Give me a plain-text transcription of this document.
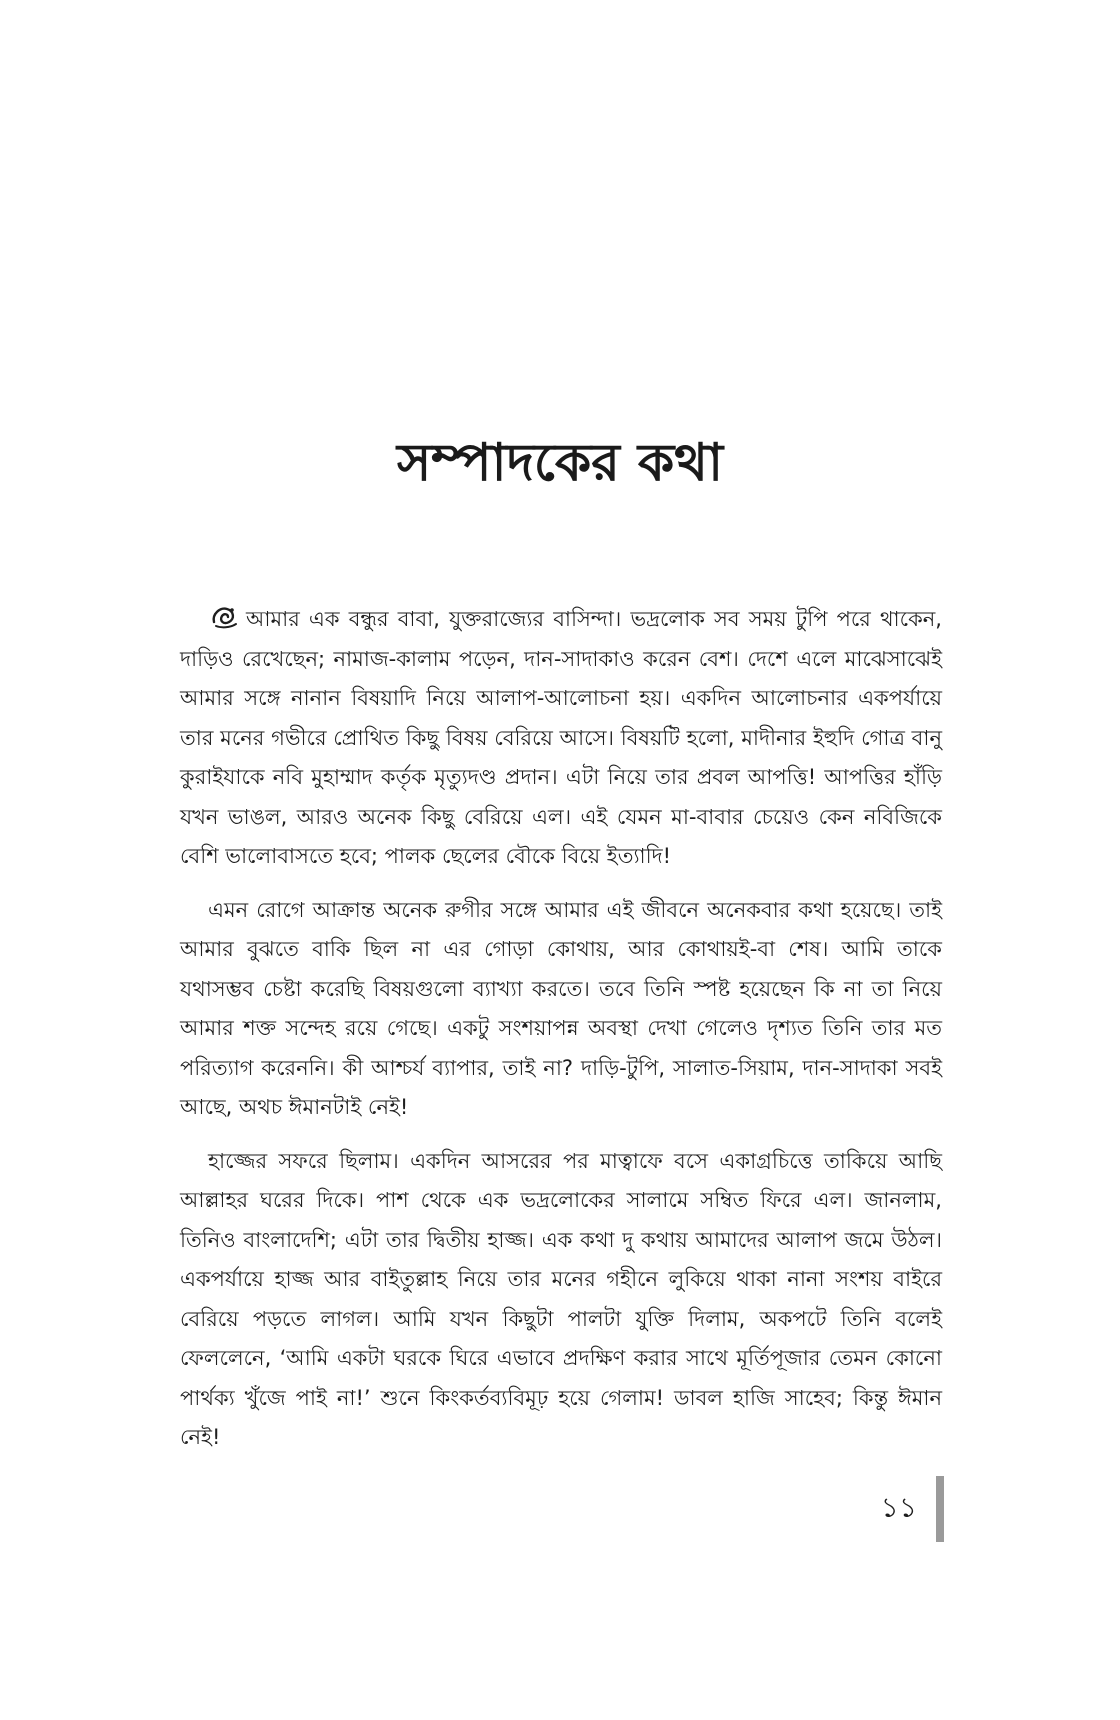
সম্পাদকের কথা

আমার এক বন্ধুর বাবা, যুক্তরাজ্যের বাসিন্দা। ভদ্রলোক সব সময় টুপি পরে থাকেন, দাড়িও রেখেছেন; নামাজ-কালাম পড়েন, দান-সাদাকাও করেন বেশ। দেশে এলে মাঝেসাঝেই আমার সঙ্গে নানান বিষয়াদি নিয়ে আলাপ-আলোচনা হয়। একদিন আলোচনার একপর্যায়ে তার মনের গভীরে প্রোথিত কিছু বিষয় বেরিয়ে আসে। বিষয়টি হলো, মাদীনার ইহুদি গোত্র বানু কুরাইযাকে নবি মুহাম্মাদ কর্তৃক মৃত্যুদণ্ড প্রদান। এটা নিয়ে তার প্রবল আপত্তি! আপত্তির হাঁড়ি যখন ভাঙল, আরও অনেক কিছু বেরিয়ে এল। এই যেমন মা-বাবার চেয়েও কেন নবিজিকে বেশি ভালোবাসতে হবে; পালক ছেলের বৌকে বিয়ে ইত্যাদি!

এমন রোগে আক্রান্ত অনেক রুগীর সঙ্গে আমার এই জীবনে অনেকবার কথা হয়েছে। তাই আমার বুঝতে বাকি ছিল না এর গোড়া কোথায়, আর কোথায়ই-বা শেষ। আমি তাকে যথাসম্ভব চেষ্টা করেছি বিষয়গুলো ব্যাখ্যা করতে। তবে তিনি স্পষ্ট হয়েছেন কি না তা নিয়ে আমার শক্ত সন্দেহ রয়ে গেছে। একটু সংশয়াপন্ন অবস্থা দেখা গেলেও দৃশ্যত তিনি তার মত পরিত্যাগ করেননি। কী আশ্চর্য ব্যাপার, তাই না? দাড়ি-টুপি, সালাত-সিয়াম, দান-সাদাকা সবই আছে, অথচ ঈমানটাই নেই!

হাজ্জের সফরে ছিলাম। একদিন আসরের পর মাত্বাফে বসে একাগ্রচিত্তে তাকিয়ে আছি আল্লাহর ঘরের দিকে। পাশ থেকে এক ভদ্রলোকের সালামে সম্বিত ফিরে এল। জানলাম, তিনিও বাংলাদেশি; এটা তার দ্বিতীয় হাজ্জ। এক কথা দু কথায় আমাদের আলাপ জমে উঠল। একপর্যায়ে হাজ্জ আর বাইতুল্লাহ নিয়ে তার মনের গহীনে লুকিয়ে থাকা নানা সংশয় বাইরে বেরিয়ে পড়তে লাগল। আমি যখন কিছুটা পালটা যুক্তি দিলাম, অকপটে তিনি বলেই ফেললেনে, ‘আমি একটা ঘরকে ঘিরে এভাবে প্রদক্ষিণ করার সাথে মূর্তিপূজার তেমন কোনো পার্থক্য খুঁজে পাই না!’ শুনে কিংকর্তব্যবিমূঢ় হয়ে গেলাম! ডাবল হাজি সাহেব; কিন্তু ঈমান নেই!

১১
